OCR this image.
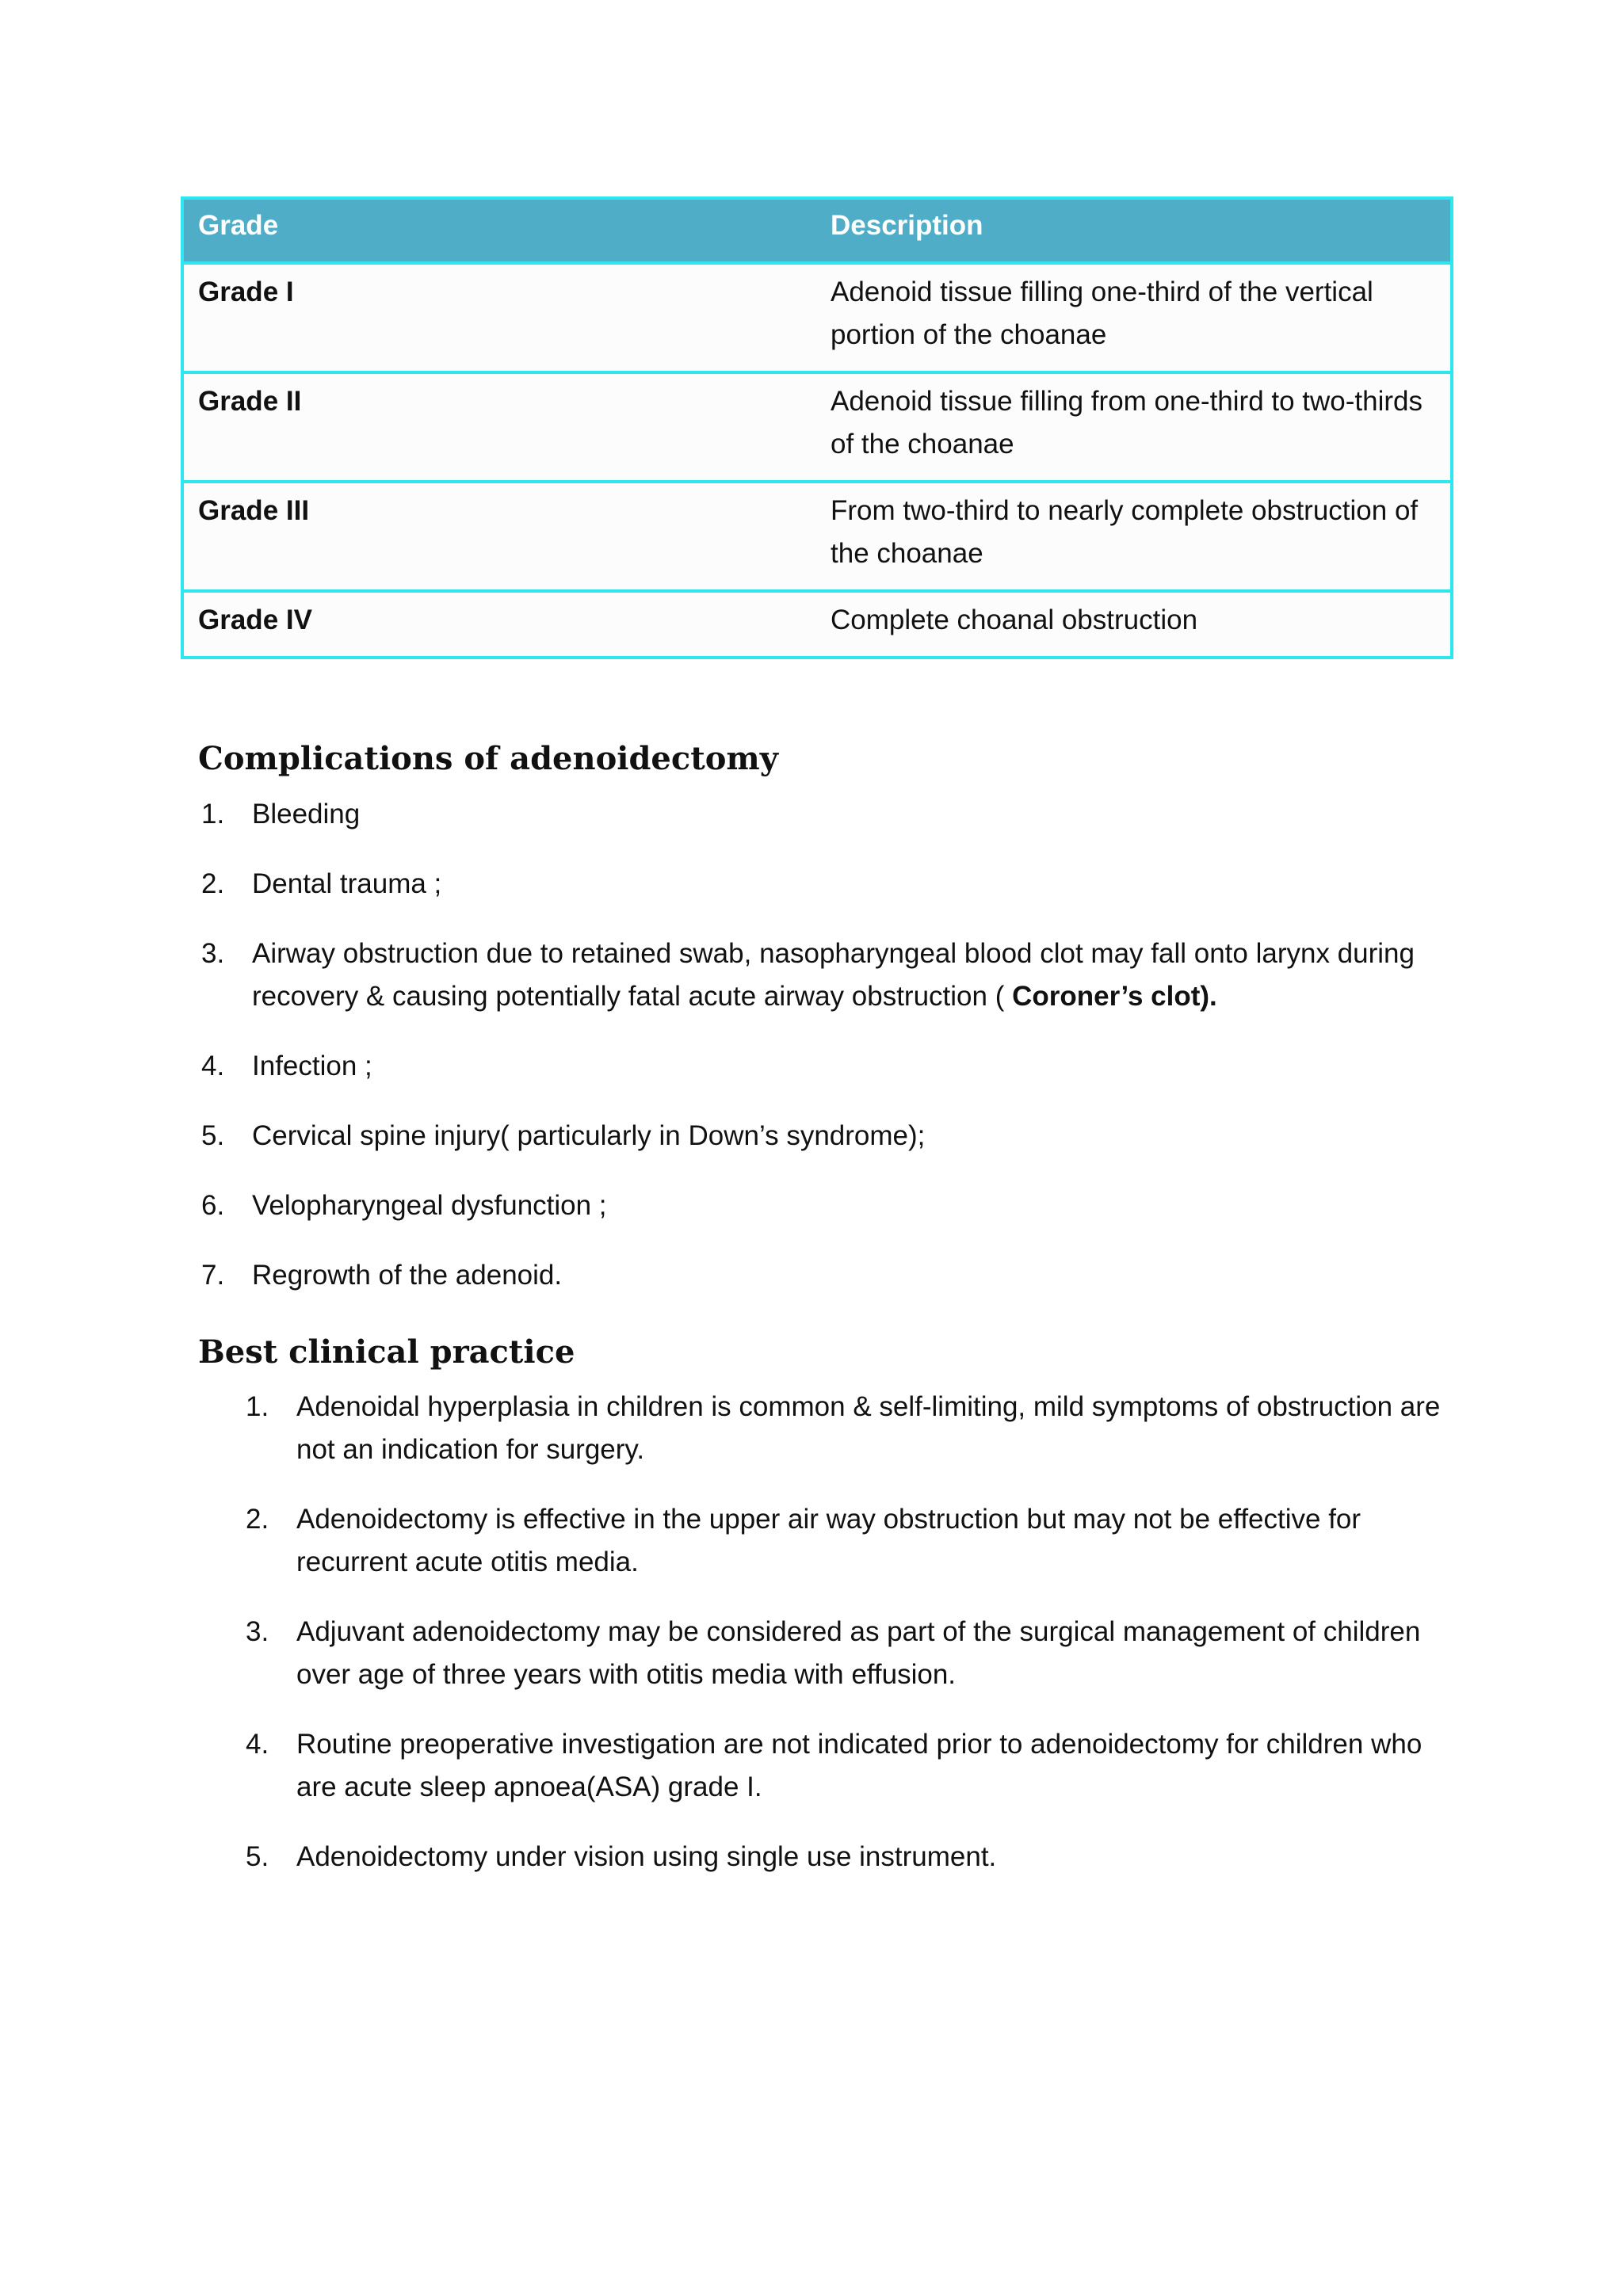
Grade	Description
Grade I	Adenoid tissue filling one-third of the vertical portion of the choanae
Grade II	Adenoid tissue filling from one-third to two-thirds of the choanae
Grade III	From two-third to nearly complete obstruction of the choanae
Grade IV	Complete choanal obstruction
Complications of adenoidectomy
1. Bleeding
2. Dental trauma ;
3. Airway obstruction due to retained swab, nasopharyngeal blood clot may fall onto larynx during recovery & causing potentially fatal acute airway obstruction ( Coroner’s clot).
4. Infection ;
5. Cervical spine injury( particularly in Down’s syndrome);
6. Velopharyngeal dysfunction ;
7. Regrowth of the adenoid.
Best clinical practice
1. Adenoidal hyperplasia in children is common & self-limiting, mild symptoms of obstruction are not an indication for surgery.
2. Adenoidectomy is effective in the upper air way obstruction but may not be effective for recurrent acute otitis media.
3. Adjuvant adenoidectomy may be considered as part of the surgical management of children over age of three years with otitis media with effusion.
4. Routine preoperative investigation are not indicated prior to adenoidectomy for children who are acute sleep apnoea(ASA) grade I.
5. Adenoidectomy under vision using single use instrument.
